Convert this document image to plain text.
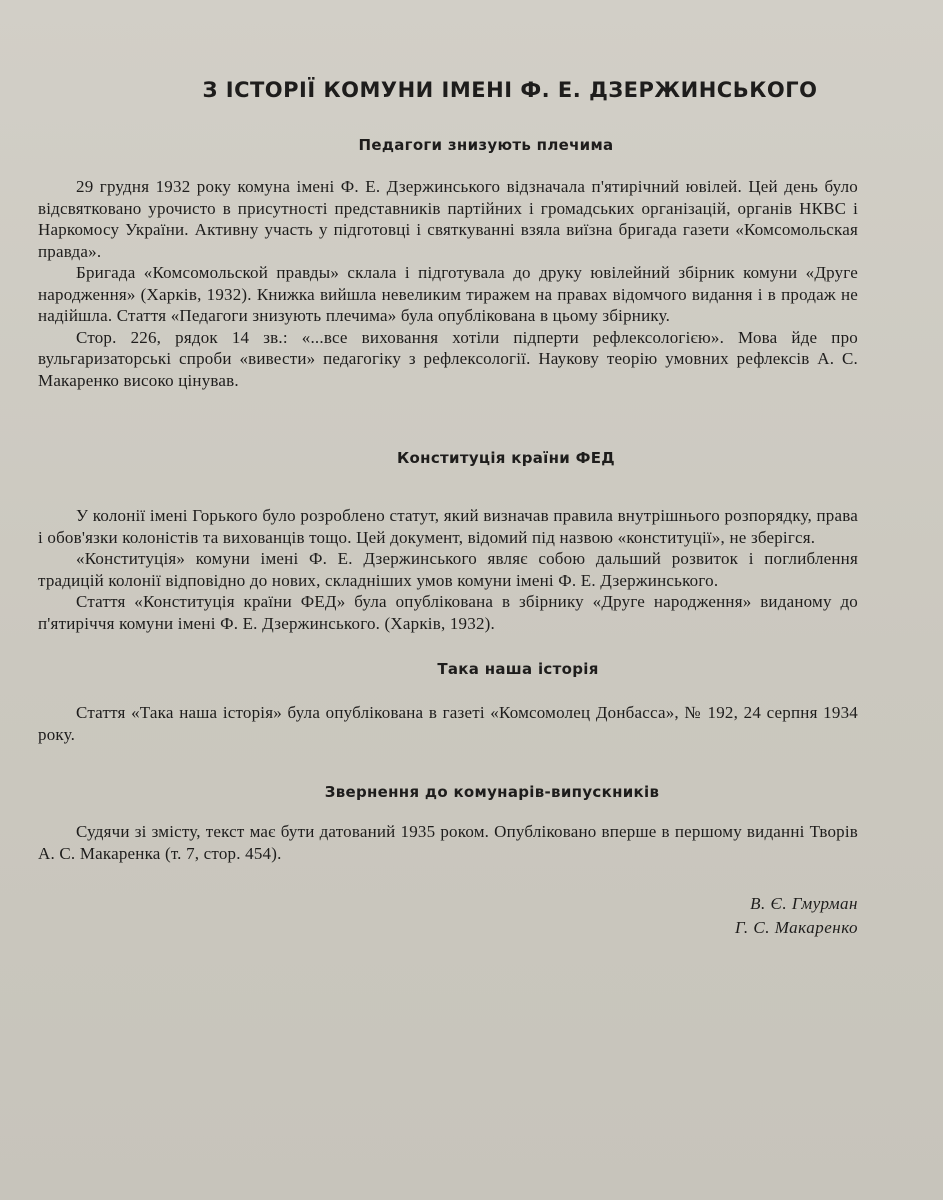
З ІСТОРІЇ КОМУНИ ІМЕНІ Ф. Е. ДЗЕРЖИНСЬКОГО
Педагоги знизують плечима

29 грудня 1932 року комуна імені Ф. Е. Дзержинського відзначала п'ятирічний ювілей. Цей день було відсвятковано урочисто в присутності представників партійних і громадських організацій, органів НКВС і Наркомосу України. Активну участь у підготовці і святкуванні взяла виїзна бригада газети «Комсомольская правда».

Бригада «Комсомольской правды» склала і підготувала до друку ювілейний збірник комуни «Друге народження» (Харків, 1932). Книжка вийшла невеликим тиражем на правах відомчого видання і в продаж не надійшла. Стаття «Педагоги знизують плечима» була опублікована в цьому збірнику.

Стор. 226, рядок 14 зв.: «...все виховання хотіли підперти рефлексологією». Мова йде про вульгаризаторські спроби «вивести» педагогіку з рефлексології. Наукову теорію умовних рефлексів А. С. Макаренко високо цінував.

Конституція країни ФЕД

У колонії імені Горького було розроблено статут, який визначав правила внутрішнього розпорядку, права і обов'язки колоністів та вихованців тощо. Цей документ, відомий під назвою «конституції», не зберігся.

«Конституція» комуни імені Ф. Е. Дзержинського являє собою дальший розвиток і поглиблення традицій колонії відповідно до нових, складніших умов комуни імені Ф. Е. Дзержинського.

Стаття «Конституція країни ФЕД» була опублікована в збірнику «Друге народження» виданому до п'ятиріччя комуни імені Ф. Е. Дзержинського. (Харків, 1932).

Така наша історія

Стаття «Така наша історія» була опублікована в газеті «Комсомолец Донбасса», № 192, 24 серпня 1934 року.

Звернення до комунарів-випускників

Судячи зі змісту, текст має бути датований 1935 роком. Опубліковано вперше в першому виданні Творів А. С. Макаренка (т. 7, стор. 454).

В. Є. Гмурман
Г. С. Макаренко
